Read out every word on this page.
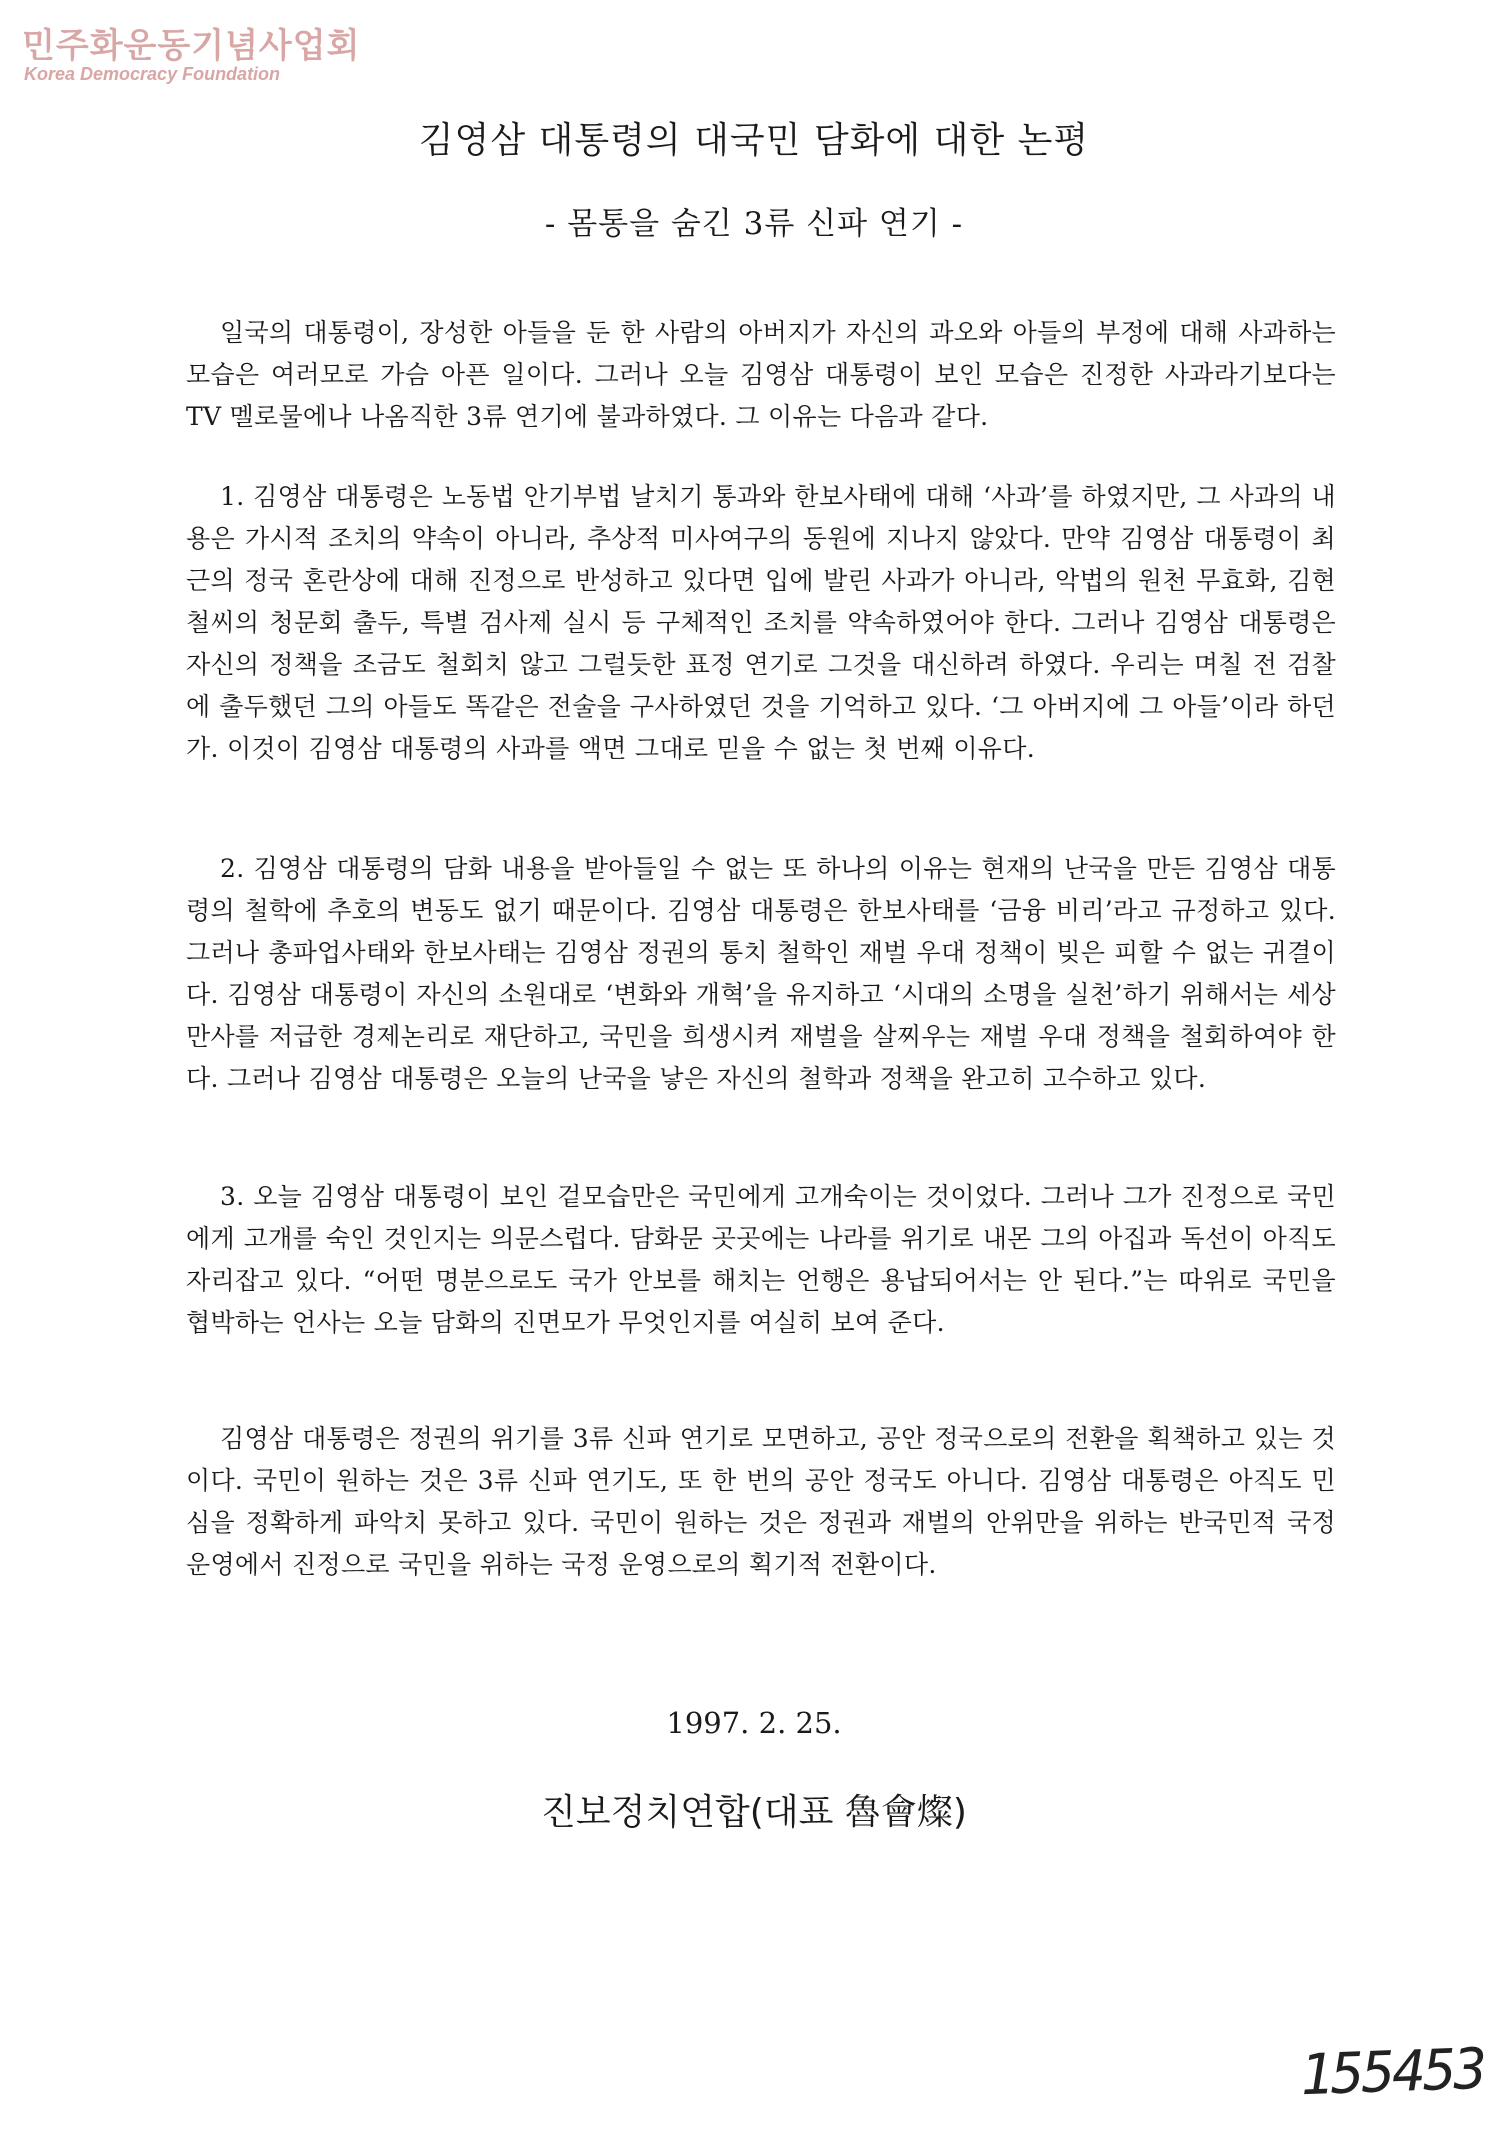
민주화운동기념사업회
Korea Democracy Foundation
김영삼 대통령의 대국민 담화에 대한 논평
- 몸통을 숨긴 3류 신파 연기 -

일국의 대통령이, 장성한 아들을 둔 한 사람의 아버지가 자신의 과오와 아들의 부정에 대해 사과하는 모습은 여러모로 가슴 아픈 일이다. 그러나 오늘 김영삼 대통령이 보인 모습은 진정한 사과라기보다는 TV 멜로물에나 나옴직한 3류 연기에 불과하였다. 그 이유는 다음과 같다.

1. 김영삼 대통령은 노동법 안기부법 날치기 통과와 한보사태에 대해 ‘사과’를 하였지만, 그 사과의 내용은 가시적 조치의 약속이 아니라, 추상적 미사여구의 동원에 지나지 않았다. 만약 김영삼 대통령이 최근의 정국 혼란상에 대해 진정으로 반성하고 있다면 입에 발린 사과가 아니라, 악법의 원천 무효화, 김현철씨의 청문회 출두, 특별 검사제 실시 등 구체적인 조치를 약속하였어야 한다. 그러나 김영삼 대통령은 자신의 정책을 조금도 철회치 않고 그럴듯한 표정 연기로 그것을 대신하려 하였다. 우리는 며칠 전 검찰에 출두했던 그의 아들도 똑같은 전술을 구사하였던 것을 기억하고 있다. ‘그 아버지에 그 아들’이라 하던가. 이것이 김영삼 대통령의 사과를 액면 그대로 믿을 수 없는 첫 번째 이유다.

2. 김영삼 대통령의 담화 내용을 받아들일 수 없는 또 하나의 이유는 현재의 난국을 만든 김영삼 대통령의 철학에 추호의 변동도 없기 때문이다. 김영삼 대통령은 한보사태를 ‘금융 비리’라고 규정하고 있다. 그러나 총파업사태와 한보사태는 김영삼 정권의 통치 철학인 재벌 우대 정책이 빚은 피할 수 없는 귀결이다. 김영삼 대통령이 자신의 소원대로 ‘변화와 개혁’을 유지하고 ‘시대의 소명을 실천’하기 위해서는 세상만사를 저급한 경제논리로 재단하고, 국민을 희생시켜 재벌을 살찌우는 재벌 우대 정책을 철회하여야 한다. 그러나 김영삼 대통령은 오늘의 난국을 낳은 자신의 철학과 정책을 완고히 고수하고 있다.

3. 오늘 김영삼 대통령이 보인 겉모습만은 국민에게 고개숙이는 것이었다. 그러나 그가 진정으로 국민에게 고개를 숙인 것인지는 의문스럽다. 담화문 곳곳에는 나라를 위기로 내몬 그의 아집과 독선이 아직도 자리잡고 있다. “어떤 명분으로도 국가 안보를 해치는 언행은 용납되어서는 안 된다.”는 따위로 국민을 협박하는 언사는 오늘 담화의 진면모가 무엇인지를 여실히 보여 준다.

김영삼 대통령은 정권의 위기를 3류 신파 연기로 모면하고, 공안 정국으로의 전환을 획책하고 있는 것이다. 국민이 원하는 것은 3류 신파 연기도, 또 한 번의 공안 정국도 아니다. 김영삼 대통령은 아직도 민심을 정확하게 파악치 못하고 있다. 국민이 원하는 것은 정권과 재벌의 안위만을 위하는 반국민적 국정 운영에서 진정으로 국민을 위하는 국정 운영으로의 획기적 전환이다.

1997. 2. 25.
진보정치연합(대표 魯會燦)
155453
